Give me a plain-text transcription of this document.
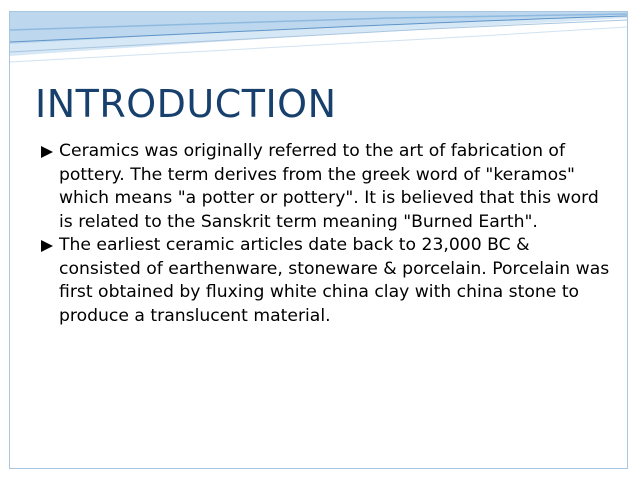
INTRODUCTION
Ceramics was originally referred to the art of fabrication of pottery. The term derives from the greek word of "keramos" which means "a potter or pottery". It is believed that this word is related to the Sanskrit term meaning "Burned Earth".
The earliest ceramic articles date back to 23,000 BC & consisted of earthenware, stoneware & porcelain. Porcelain was first obtained by fluxing white china clay with china stone to produce a translucent material.
